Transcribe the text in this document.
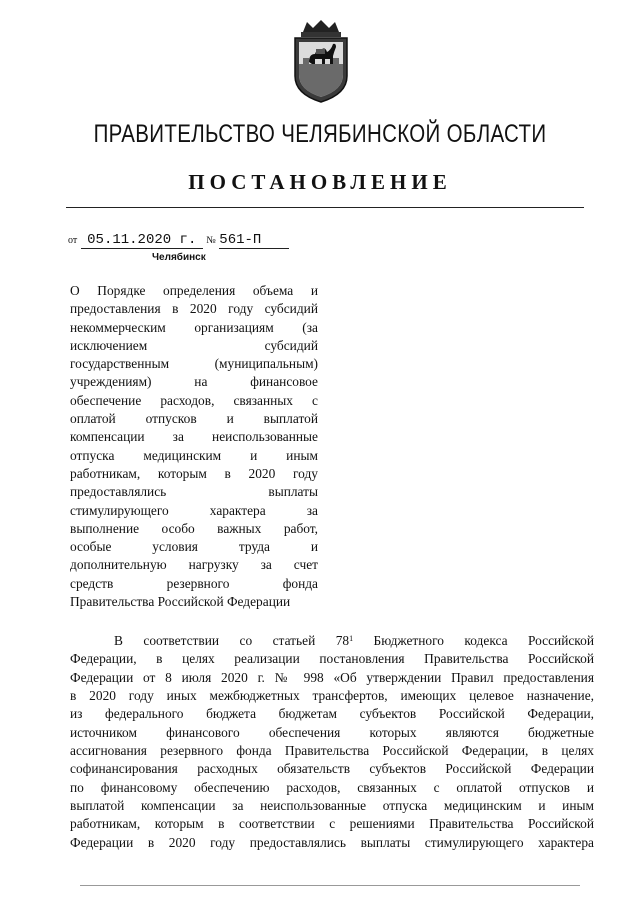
ПРАВИТЕЛЬСТВО ЧЕЛЯБИНСКОЙ ОБЛАСТИ
ПОСТАНОВЛЕНИЕ
от 05.11.2020 г. № 561-П
Челябинск
О Порядке определения объема и
предоставления в 2020 году субсидий
некоммерческим организациям (за
исключением субсидий
государственным (муниципальным)
учреждениям) на финансовое
обеспечение расходов, связанных с
оплатой отпусков и выплатой
компенсации за неиспользованные
отпуска медицинским и иным
работникам, которым в 2020 году
предоставлялись выплаты
стимулирующего характера за
выполнение особо важных работ,
особые условия труда и
дополнительную нагрузку за счет
средств резервного фонда
Правительства Российской Федерации
В соответствии со статьей $78^1$ Бюджетного кодекса Российской
Федерации, в целях реализации постановления Правительства Российской
Федерации от 8 июля 2020 г. № 998 «Об утверждении Правил предоставления
в 2020 году иных межбюджетных трансфертов, имеющих целевое назначение,
из федерального бюджета бюджетам субъектов Российской Федерации,
источником финансового обеспечения которых являются бюджетные
ассигнования резервного фонда Правительства Российской Федерации, в целях
софинансирования расходных обязательств субъектов Российской Федерации
по финансовому обеспечению расходов, связанных с оплатой отпусков и
выплатой компенсации за неиспользованные отпуска медицинским и иным
работникам, которым в соответствии с решениями Правительства Российской
Федерации в 2020 году предоставлялись выплаты стимулирующего характера
